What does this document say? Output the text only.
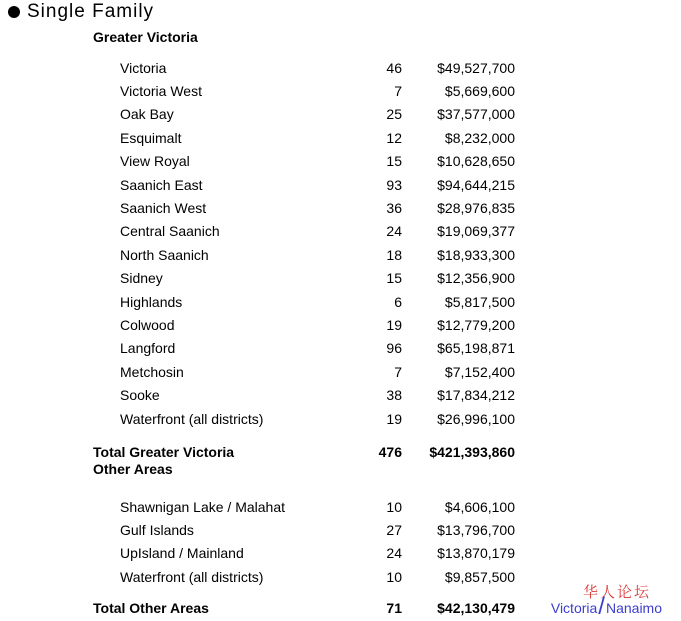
Single Family
Greater Victoria
Victoria	46	$49,527,700
Victoria West	7	$5,669,600
Oak Bay	25	$37,577,000
Esquimalt	12	$8,232,000
View Royal	15	$10,628,650
Saanich East	93	$94,644,215
Saanich West	36	$28,976,835
Central Saanich	24	$19,069,377
North Saanich	18	$18,933,300
Sidney	15	$12,356,900
Highlands	6	$5,817,500
Colwood	19	$12,779,200
Langford	96	$65,198,871
Metchosin	7	$7,152,400
Sooke	38	$17,834,212
Waterfront (all districts)	19	$26,996,100
Total Greater Victoria	476 $421,393,860
Other Areas
Shawnigan Lake / Malahat	10	$4,606,100
Gulf Islands	27	$13,796,700
UpIsland / Mainland	24	$13,870,179
Waterfront (all districts)	10	$9,857,500
Total Other Areas	71	$42,130,479
华人论坛
Victoria / Nanaimo
